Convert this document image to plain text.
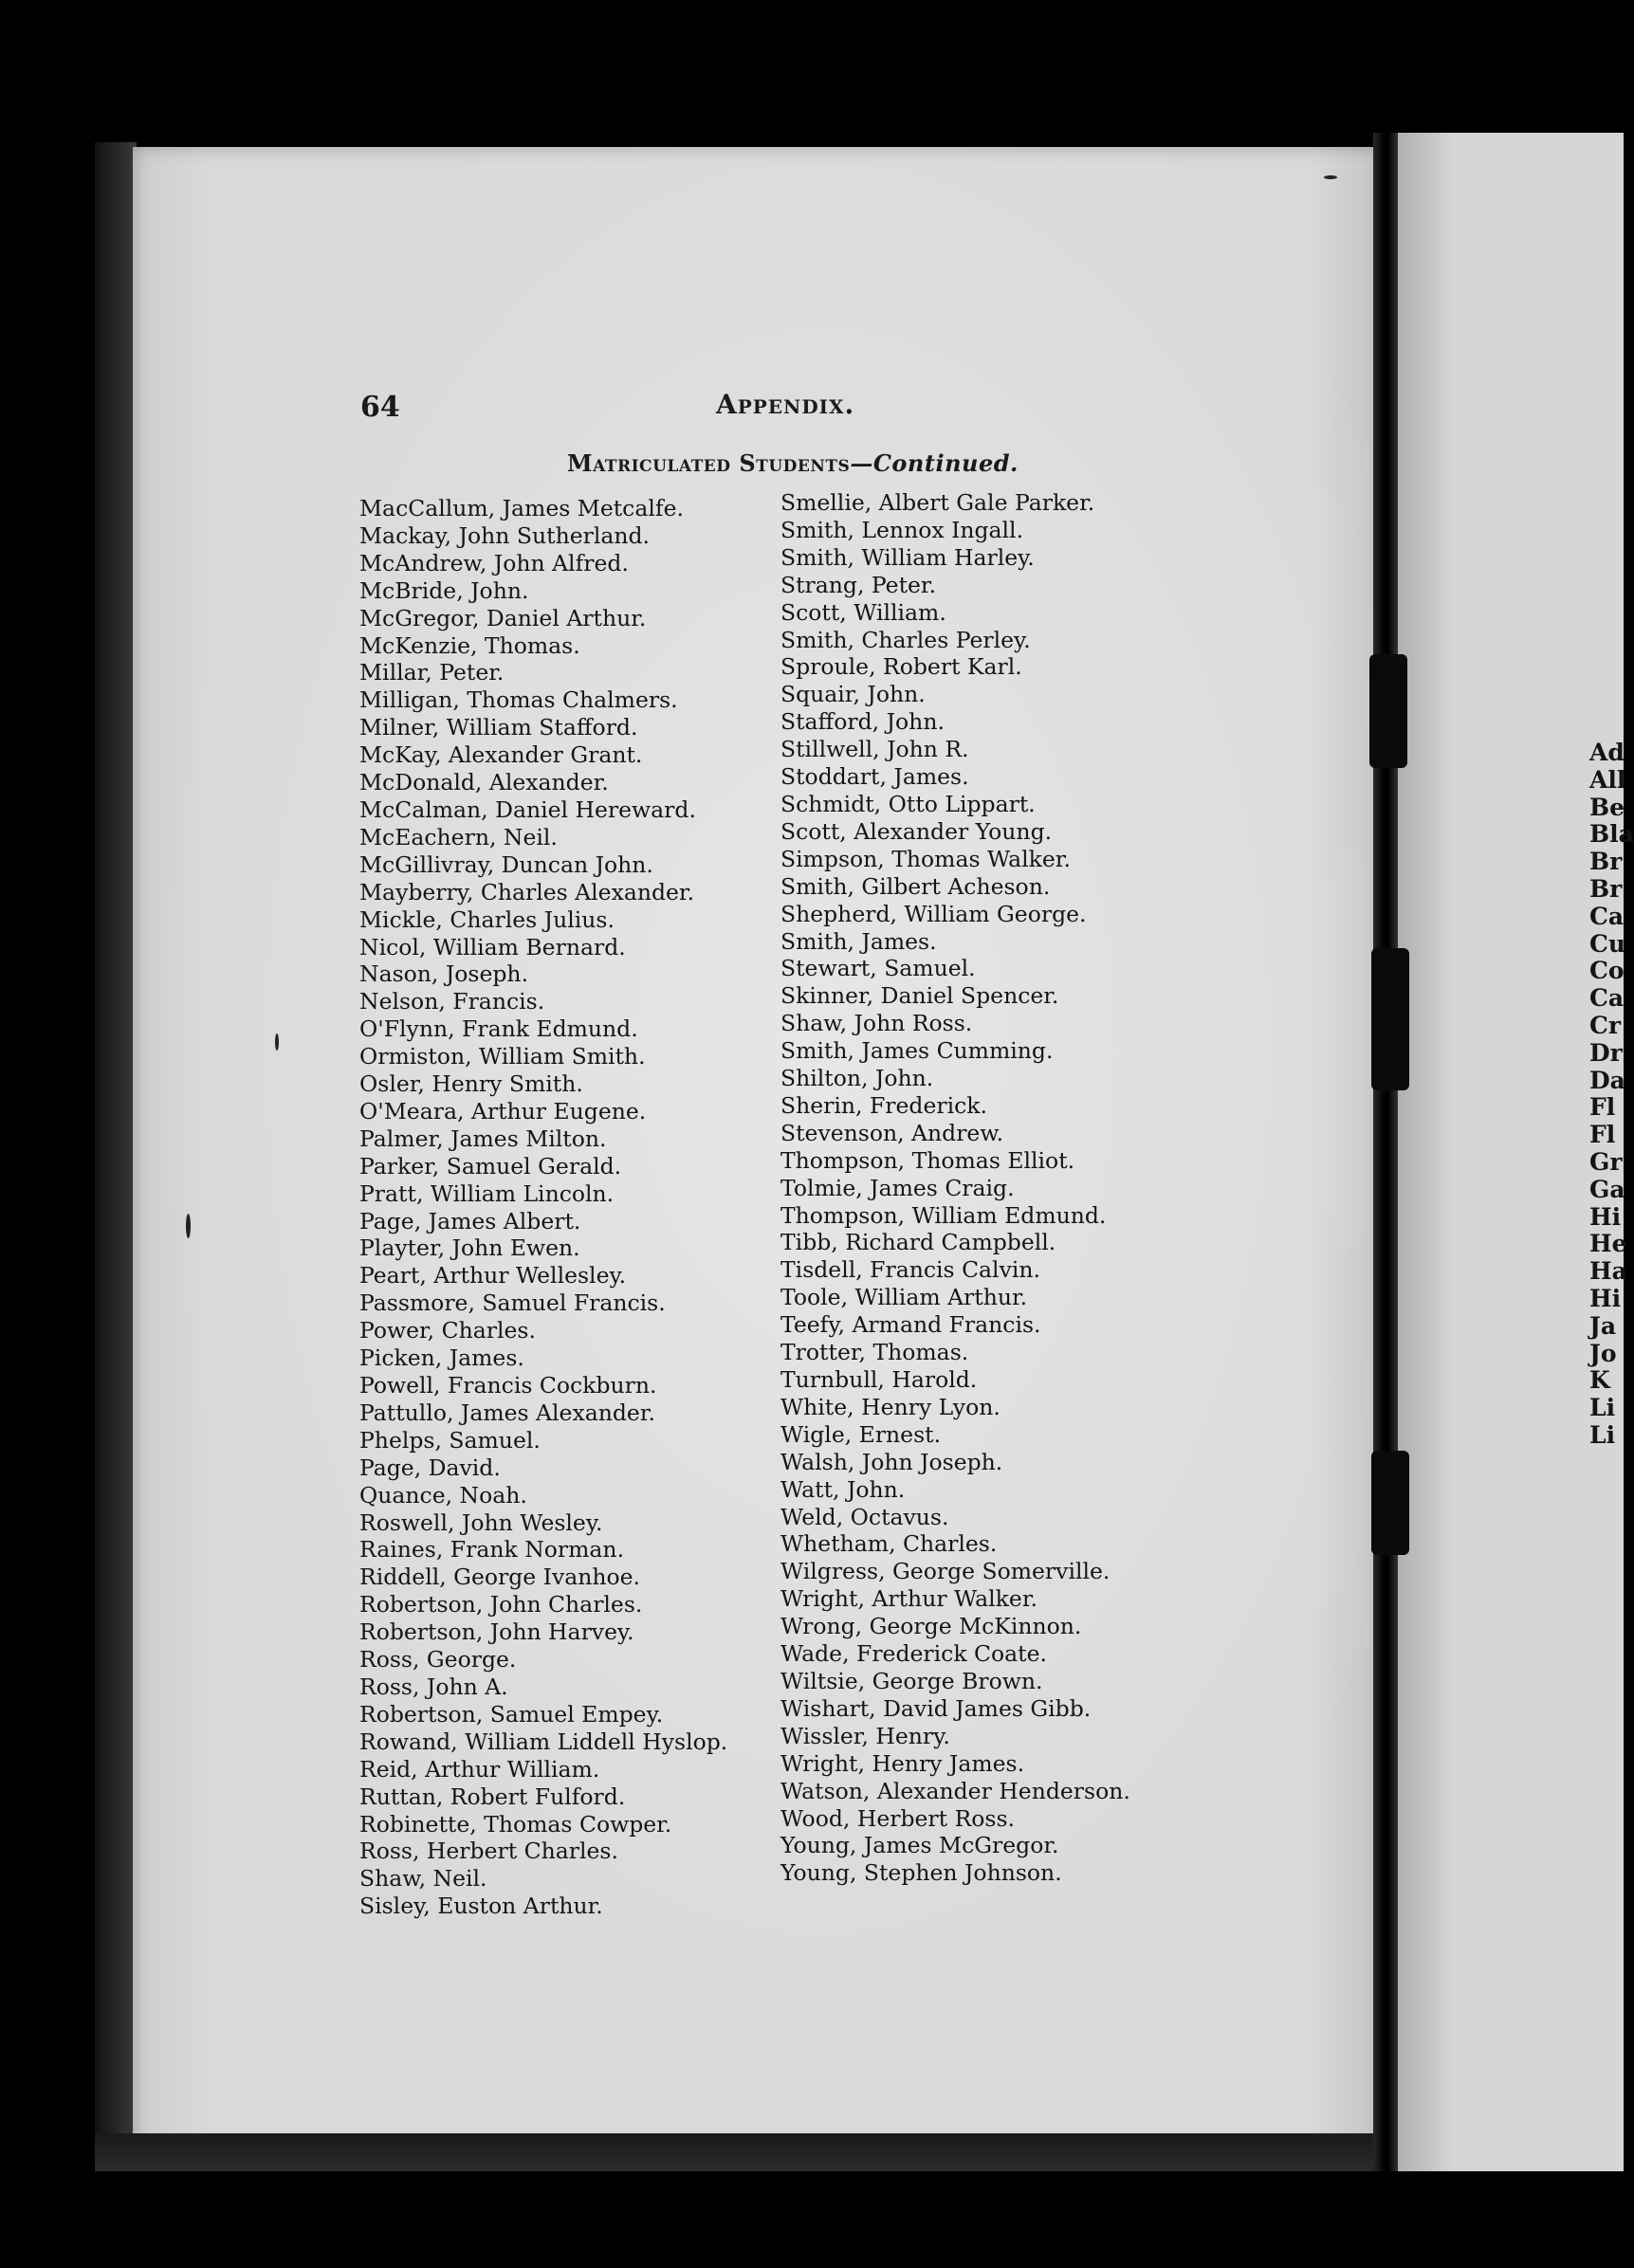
Ad
All
Be
Bla
Br
Br
Ca
Cu
Co
Ca
Cr
Dr
Da
Fl
Fl
Gr
Ga
Hi
He
Ha
Hi
Ja
Jo
K
Li
Li
64	Appendix.
Matriculated Students—Continued.
MacCallum, James Metcalfe.
Mackay, John Sutherland.
McAndrew, John Alfred.
McBride, John.
McGregor, Daniel Arthur.
McKenzie, Thomas.
Millar, Peter.
Milligan, Thomas Chalmers.
Milner, William Stafford.
McKay, Alexander Grant.
McDonald, Alexander.
McCalman, Daniel Hereward.
McEachern, Neil.
McGillivray, Duncan John.
Mayberry, Charles Alexander.
Mickle, Charles Julius.
Nicol, William Bernard.
Nason, Joseph.
Nelson, Francis.
O'Flynn, Frank Edmund.
Ormiston, William Smith.
Osler, Henry Smith.
O'Meara, Arthur Eugene.
Palmer, James Milton.
Parker, Samuel Gerald.
Pratt, William Lincoln.
Page, James Albert.
Playter, John Ewen.
Peart, Arthur Wellesley.
Passmore, Samuel Francis.
Power, Charles.
Picken, James.
Powell, Francis Cockburn.
Pattullo, James Alexander.
Phelps, Samuel.
Page, David.
Quance, Noah.
Roswell, John Wesley.
Raines, Frank Norman.
Riddell, George Ivanhoe.
Robertson, John Charles.
Robertson, John Harvey.
Ross, George.
Ross, John A.
Robertson, Samuel Empey.
Rowand, William Liddell Hyslop.
Reid, Arthur William.
Ruttan, Robert Fulford.
Robinette, Thomas Cowper.
Ross, Herbert Charles.
Shaw, Neil.
Sisley, Euston Arthur.
Smellie, Albert Gale Parker.
Smith, Lennox Ingall.
Smith, William Harley.
Strang, Peter.
Scott, William.
Smith, Charles Perley.
Sproule, Robert Karl.
Squair, John.
Stafford, John.
Stillwell, John R.
Stoddart, James.
Schmidt, Otto Lippart.
Scott, Alexander Young.
Simpson, Thomas Walker.
Smith, Gilbert Acheson.
Shepherd, William George.
Smith, James.
Stewart, Samuel.
Skinner, Daniel Spencer.
Shaw, John Ross.
Smith, James Cumming.
Shilton, John.
Sherin, Frederick.
Stevenson, Andrew.
Thompson, Thomas Elliot.
Tolmie, James Craig.
Thompson, William Edmund.
Tibb, Richard Campbell.
Tisdell, Francis Calvin.
Toole, William Arthur.
Teefy, Armand Francis.
Trotter, Thomas.
Turnbull, Harold.
White, Henry Lyon.
Wigle, Ernest.
Walsh, John Joseph.
Watt, John.
Weld, Octavus.
Whetham, Charles.
Wilgress, George Somerville.
Wright, Arthur Walker.
Wrong, George McKinnon.
Wade, Frederick Coate.
Wiltsie, George Brown.
Wishart, David James Gibb.
Wissler, Henry.
Wright, Henry James.
Watson, Alexander Henderson.
Wood, Herbert Ross.
Young, James McGregor.
Young, Stephen Johnson.
